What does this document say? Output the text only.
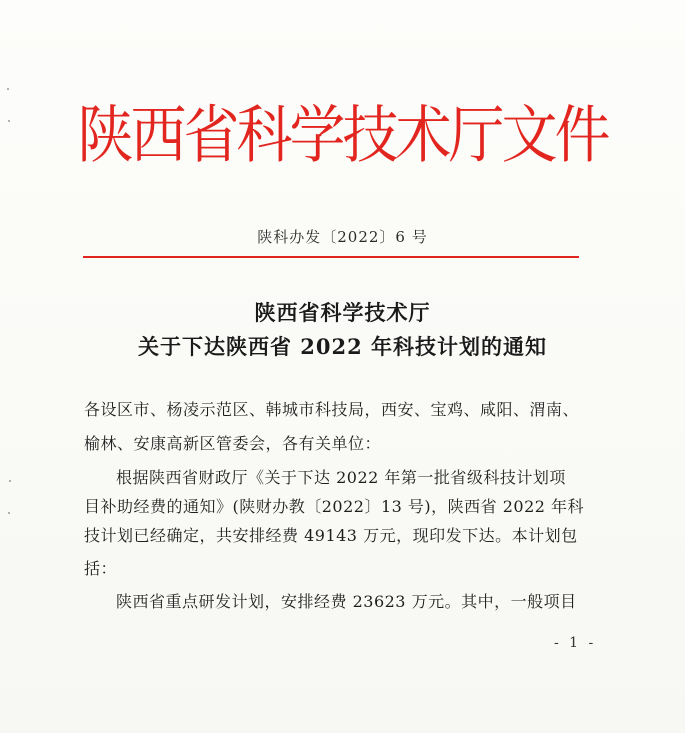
陕西省科学技术厅文件
陕科办发〔2022〕6 号
陕西省科学技术厅
关于下达陕西省 2022 年科技计划的通知
各设区市、杨凌示范区、韩城市科技局，西安、宝鸡、咸阳、渭南、
榆林、安康高新区管委会，各有关单位：
根据陕西省财政厅《关于下达 2022 年第一批省级科技计划项
目补助经费的通知》(陕财办教〔2022〕13 号)，陕西省 2022 年科
技计划已经确定，共安排经费 49143 万元，现印发下达。本计划包
括：
陕西省重点研发计划，安排经费 23623 万元。其中，一般项目
- 1 -
